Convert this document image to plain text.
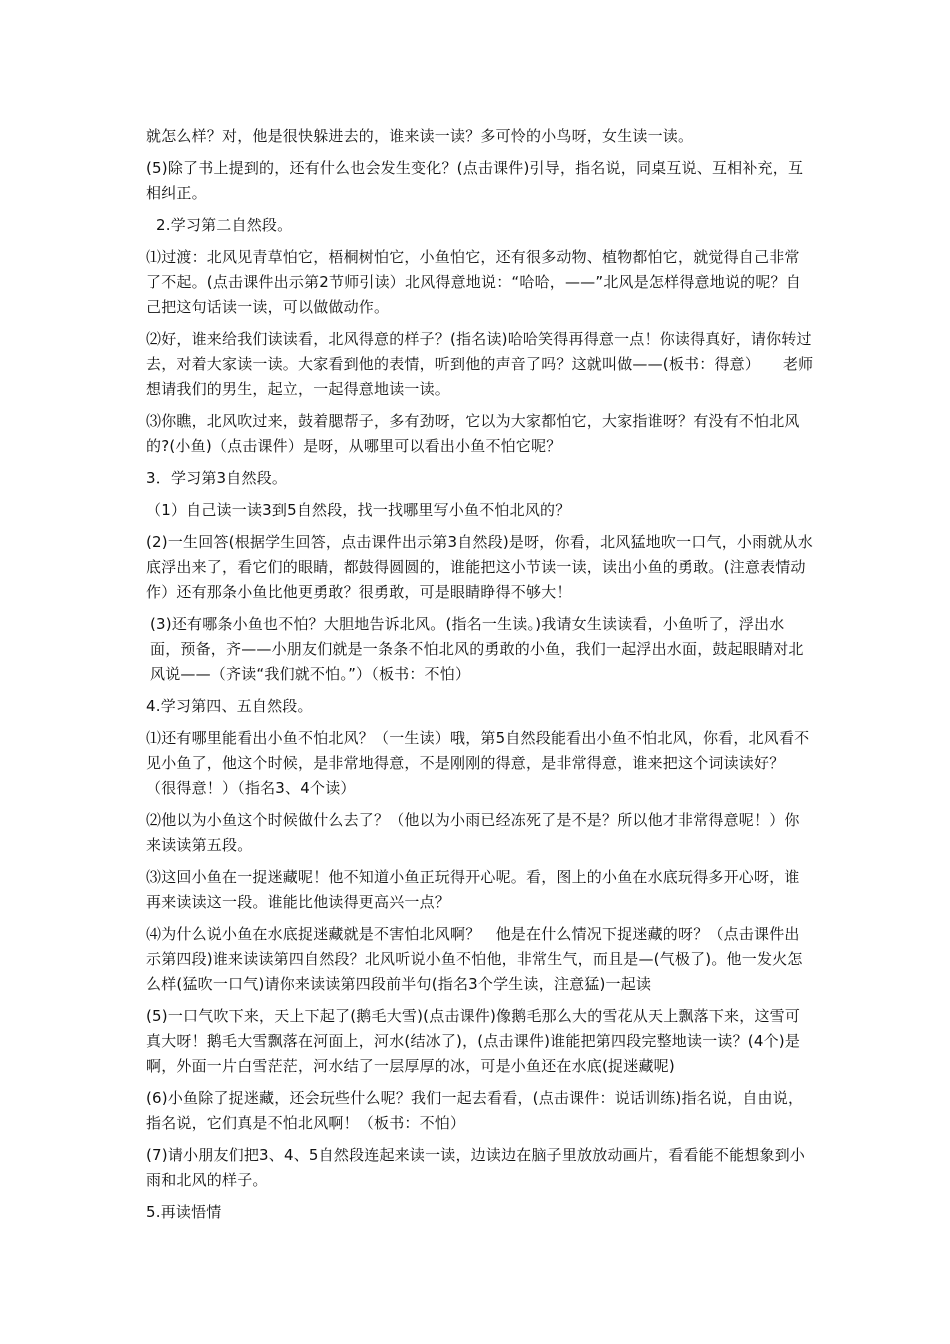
就怎么样？对，他是很快躲进去的，谁来读一读？多可怜的小鸟呀，女生读一读。

(5)除了书上提到的，还有什么也会发生变化？(点击课件)引导，指名说，同桌互说、互相补充，互相纠正。

2.学习第二自然段。

⑴过渡：北风见青草怕它，梧桐树怕它，小鱼怕它，还有很多动物、植物都怕它，就觉得自己非常了不起。(点击课件出示第2节师引读）北风得意地说：“哈哈，——”北风是怎样得意地说的呢？自己把这句话读一读，可以做做动作。

⑵好，谁来给我们读读看，北风得意的样子？(指名读)哈哈笑得再得意一点！你读得真好，请你转过去，对着大家读一读。大家看到他的表情，听到他的声音了吗？这就叫做——(板书：得意）　　老师想请我们的男生，起立，一起得意地读一读。

⑶你瞧，北风吹过来，鼓着腮帮子，多有劲呀，它以为大家都怕它，大家指谁呀？有没有不怕北风的?(小鱼)（点击课件）是呀，从哪里可以看出小鱼不怕它呢？

3．学习第3自然段。

（1）自己读一读3到5自然段，找一找哪里写小鱼不怕北风的？

(2)一生回答(根据学生回答，点击课件出示第3自然段)是呀，你看，北风猛地吹一口气，小雨就从水底浮出来了，看它们的眼睛，都鼓得圆圆的，谁能把这小节读一读，读出小鱼的勇敢。(注意表情动作）还有那条小鱼比他更勇敢？很勇敢，可是眼睛睁得不够大！

(3)还有哪条小鱼也不怕？大胆地告诉北风。(指名一生读。)我请女生读读看，小鱼听了，浮出水面，预备，齐——小朋友们就是一条条不怕北风的勇敢的小鱼，我们一起浮出水面，鼓起眼睛对北风说——（齐读“我们就不怕。”）（板书：不怕）

4.学习第四、五自然段。

⑴还有哪里能看出小鱼不怕北风？（一生读）哦，第5自然段能看出小鱼不怕北风，你看，北风看不见小鱼了，他这个时候，是非常地得意，不是刚刚的得意，是非常得意，谁来把这个词读读好？（很得意！）（指名3、4个读）

⑵他以为小鱼这个时候做什么去了？（他以为小雨已经冻死了是不是？所以他才非常得意呢！）你来读读第五段。

⑶这回小鱼在一捉迷藏呢！他不知道小鱼正玩得开心呢。看，图上的小鱼在水底玩得多开心呀，谁再来读读这一段。谁能比他读得更高兴一点？

⑷为什么说小鱼在水底捉迷藏就是不害怕北风啊？　他是在什么情况下捉迷藏的呀？（点击课件出示第四段)谁来读读第四自然段？北风听说小鱼不怕他，非常生气，而且是—(气极了)。他一发火怎么样(猛吹一口气)请你来读读第四段前半句(指名3个学生读，注意猛)一起读

(5)一口气吹下来，天上下起了(鹅毛大雪)(点击课件)像鹅毛那么大的雪花从天上飘落下来，这雪可真大呀！鹅毛大雪飘落在河面上，河水(结冰了)，(点击课件)谁能把第四段完整地读一读？(4个)是啊，外面一片白雪茫茫，河水结了一层厚厚的冰，可是小鱼还在水底(捉迷藏呢)

(6)小鱼除了捉迷藏，还会玩些什么呢？我们一起去看看，(点击课件：说话训练)指名说，自由说，指名说，它们真是不怕北风啊！（板书：不怕）

(7)请小朋友们把3、4、5自然段连起来读一读，边读边在脑子里放放动画片，看看能不能想象到小雨和北风的样子。

5.再读悟情
